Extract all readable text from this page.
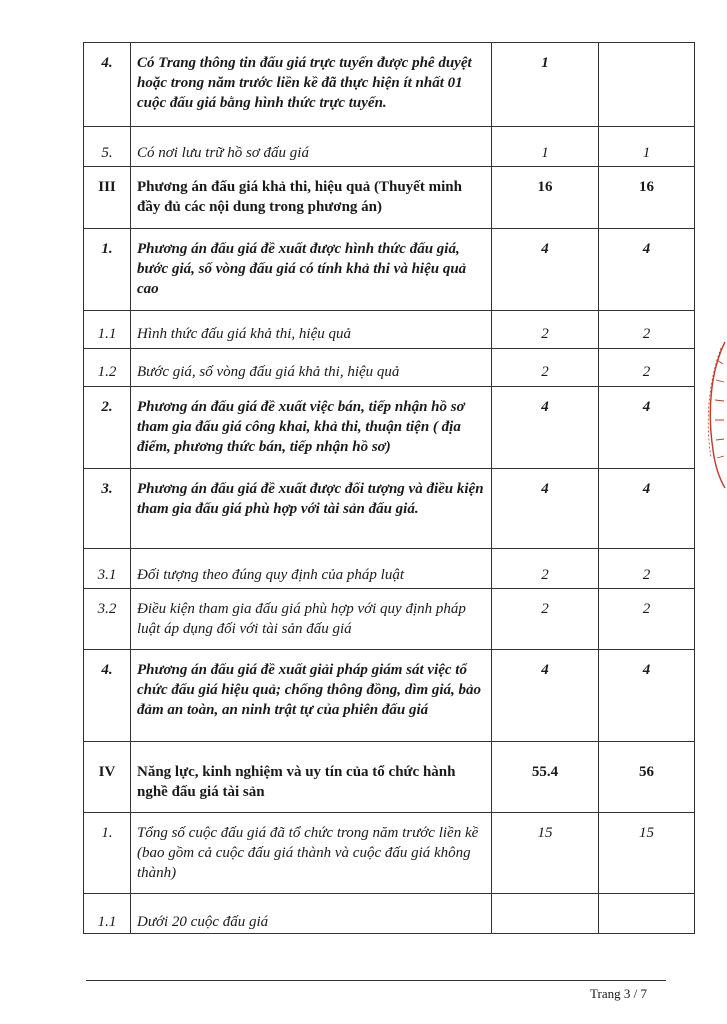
4.	Có Trang thông tin đấu giá trực tuyến được phê duyệt hoặc trong năm trước liền kề đã thực hiện ít nhất 01 cuộc đấu giá bằng hình thức trực tuyến.	1	

5.	Có nơi lưu trữ hồ sơ đấu giá	1	1

III	Phương án đấu giá khả thi, hiệu quả (Thuyết minh đầy đủ các nội dung trong phương án)	16	16

1.	Phương án đấu giá đề xuất được hình thức đấu giá, bước giá, số vòng đấu giá có tính khả thi và hiệu quả cao	4	4

1.1	Hình thức đấu giá khả thi, hiệu quả	2	2

1.2	Bước giá, số vòng đấu giá khả thi, hiệu quả	2	2

2.	Phương án đấu giá đề xuất việc bán, tiếp nhận hồ sơ tham gia đấu giá công khai, khả thi, thuận tiện ( địa điểm, phương thức bán, tiếp nhận hồ sơ)	4	4

3.	Phương án đấu giá đề xuất được đối tượng và điều kiện tham gia đấu giá phù hợp với tài sản đấu giá.	4	4

3.1	Đối tượng theo đúng quy định của pháp luật	2	2

3.2	Điều kiện tham gia đấu giá phù hợp với quy định pháp luật áp dụng đối với tài sản đấu giá	2	2

4.	Phương án đấu giá đề xuất giải pháp giám sát việc tổ chức đấu giá hiệu quả; chống thông đồng, dìm giá, bảo đảm an toàn, an ninh trật tự của phiên đấu giá	4	4

IV	Năng lực, kinh nghiệm và uy tín của tổ chức hành nghề đấu giá tài sản	55.4	56

1.	Tổng số cuộc đấu giá đã tổ chức trong năm trước liền kề (bao gồm cả cuộc đấu giá thành và cuộc đấu giá không thành)	15	15

1.1	Dưới 20 cuộc đấu giá		

Trang 3 / 7
